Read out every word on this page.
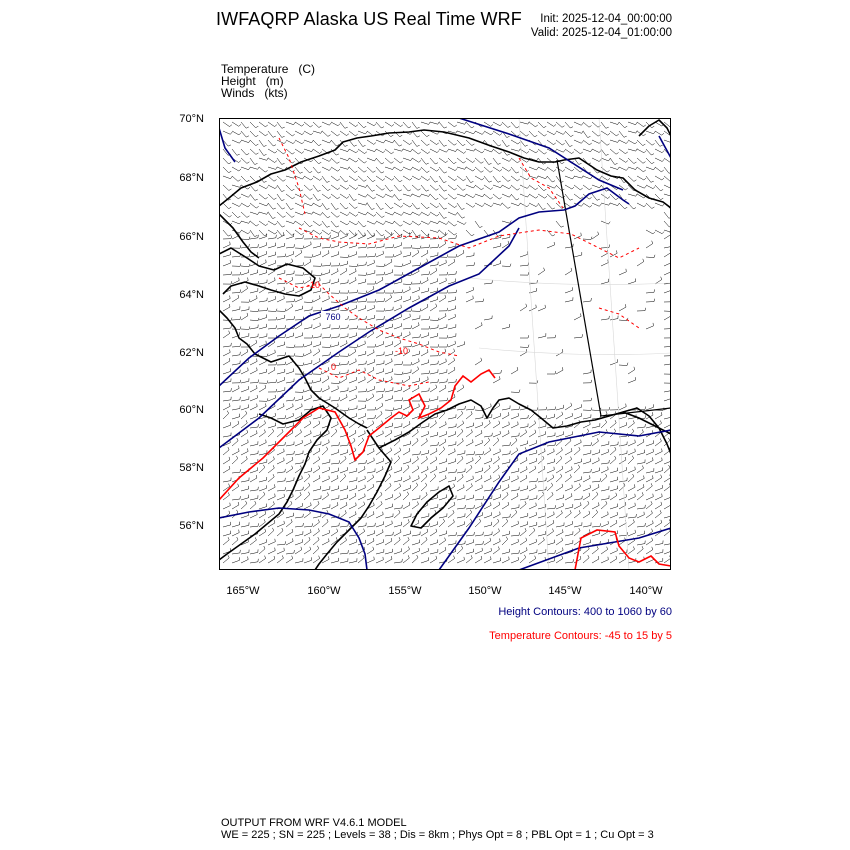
IWFAQRP Alaska US Real Time WRF	Init: 2025-12-04_00:00:00
Valid: 2025-12-04_01:00:00
Temperature   (C)
Height   (m)
Winds   (kts)
70°N
68°N
66°N
64°N
62°N
60°N
58°N
56°N
165°W	160°W	155°W	150°W	145°W	140°W
760
-10
-10
0
Height Contours: 400 to 1060 by 60
Temperature Contours: -45 to 15 by 5
OUTPUT FROM WRF V4.6.1 MODEL
WE = 225 ; SN = 225 ; Levels = 38 ; Dis = 8km ; Phys Opt = 8 ; PBL Opt = 1 ; Cu Opt = 3
